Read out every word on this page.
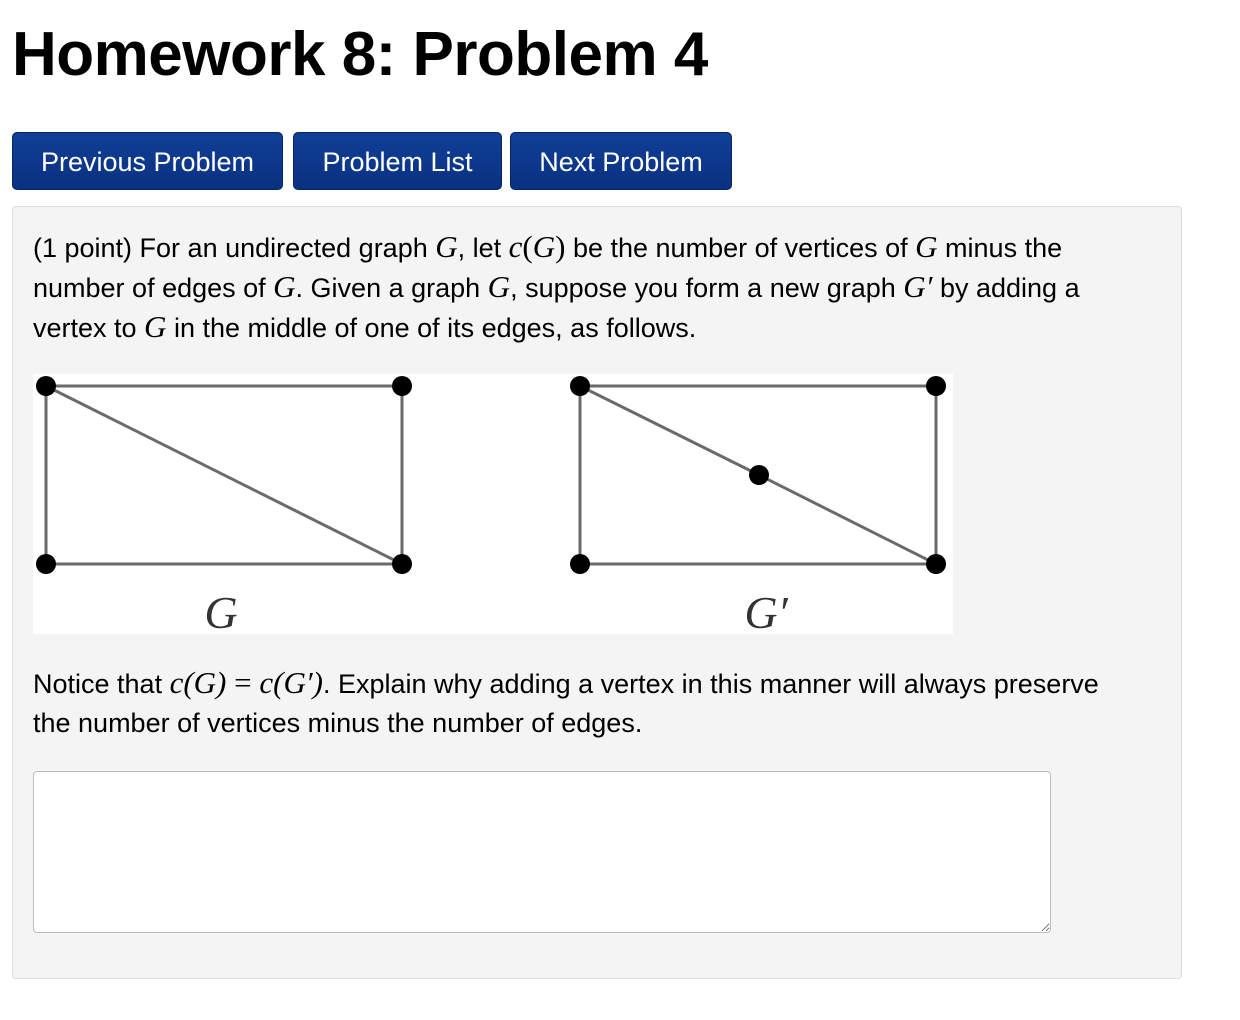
Homework 8: Problem 4
Previous Problem	Problem List	Next Problem
(1 point) For an undirected graph G, let c(G) be the number of vertices of G minus the
number of edges of G. Given a graph G, suppose you form a new graph G′ by adding a
vertex to G in the middle of one of its edges, as follows.
G	G′
Notice that c(G) = c(G′). Explain why adding a vertex in this manner will always preserve
the number of vertices minus the number of edges.
